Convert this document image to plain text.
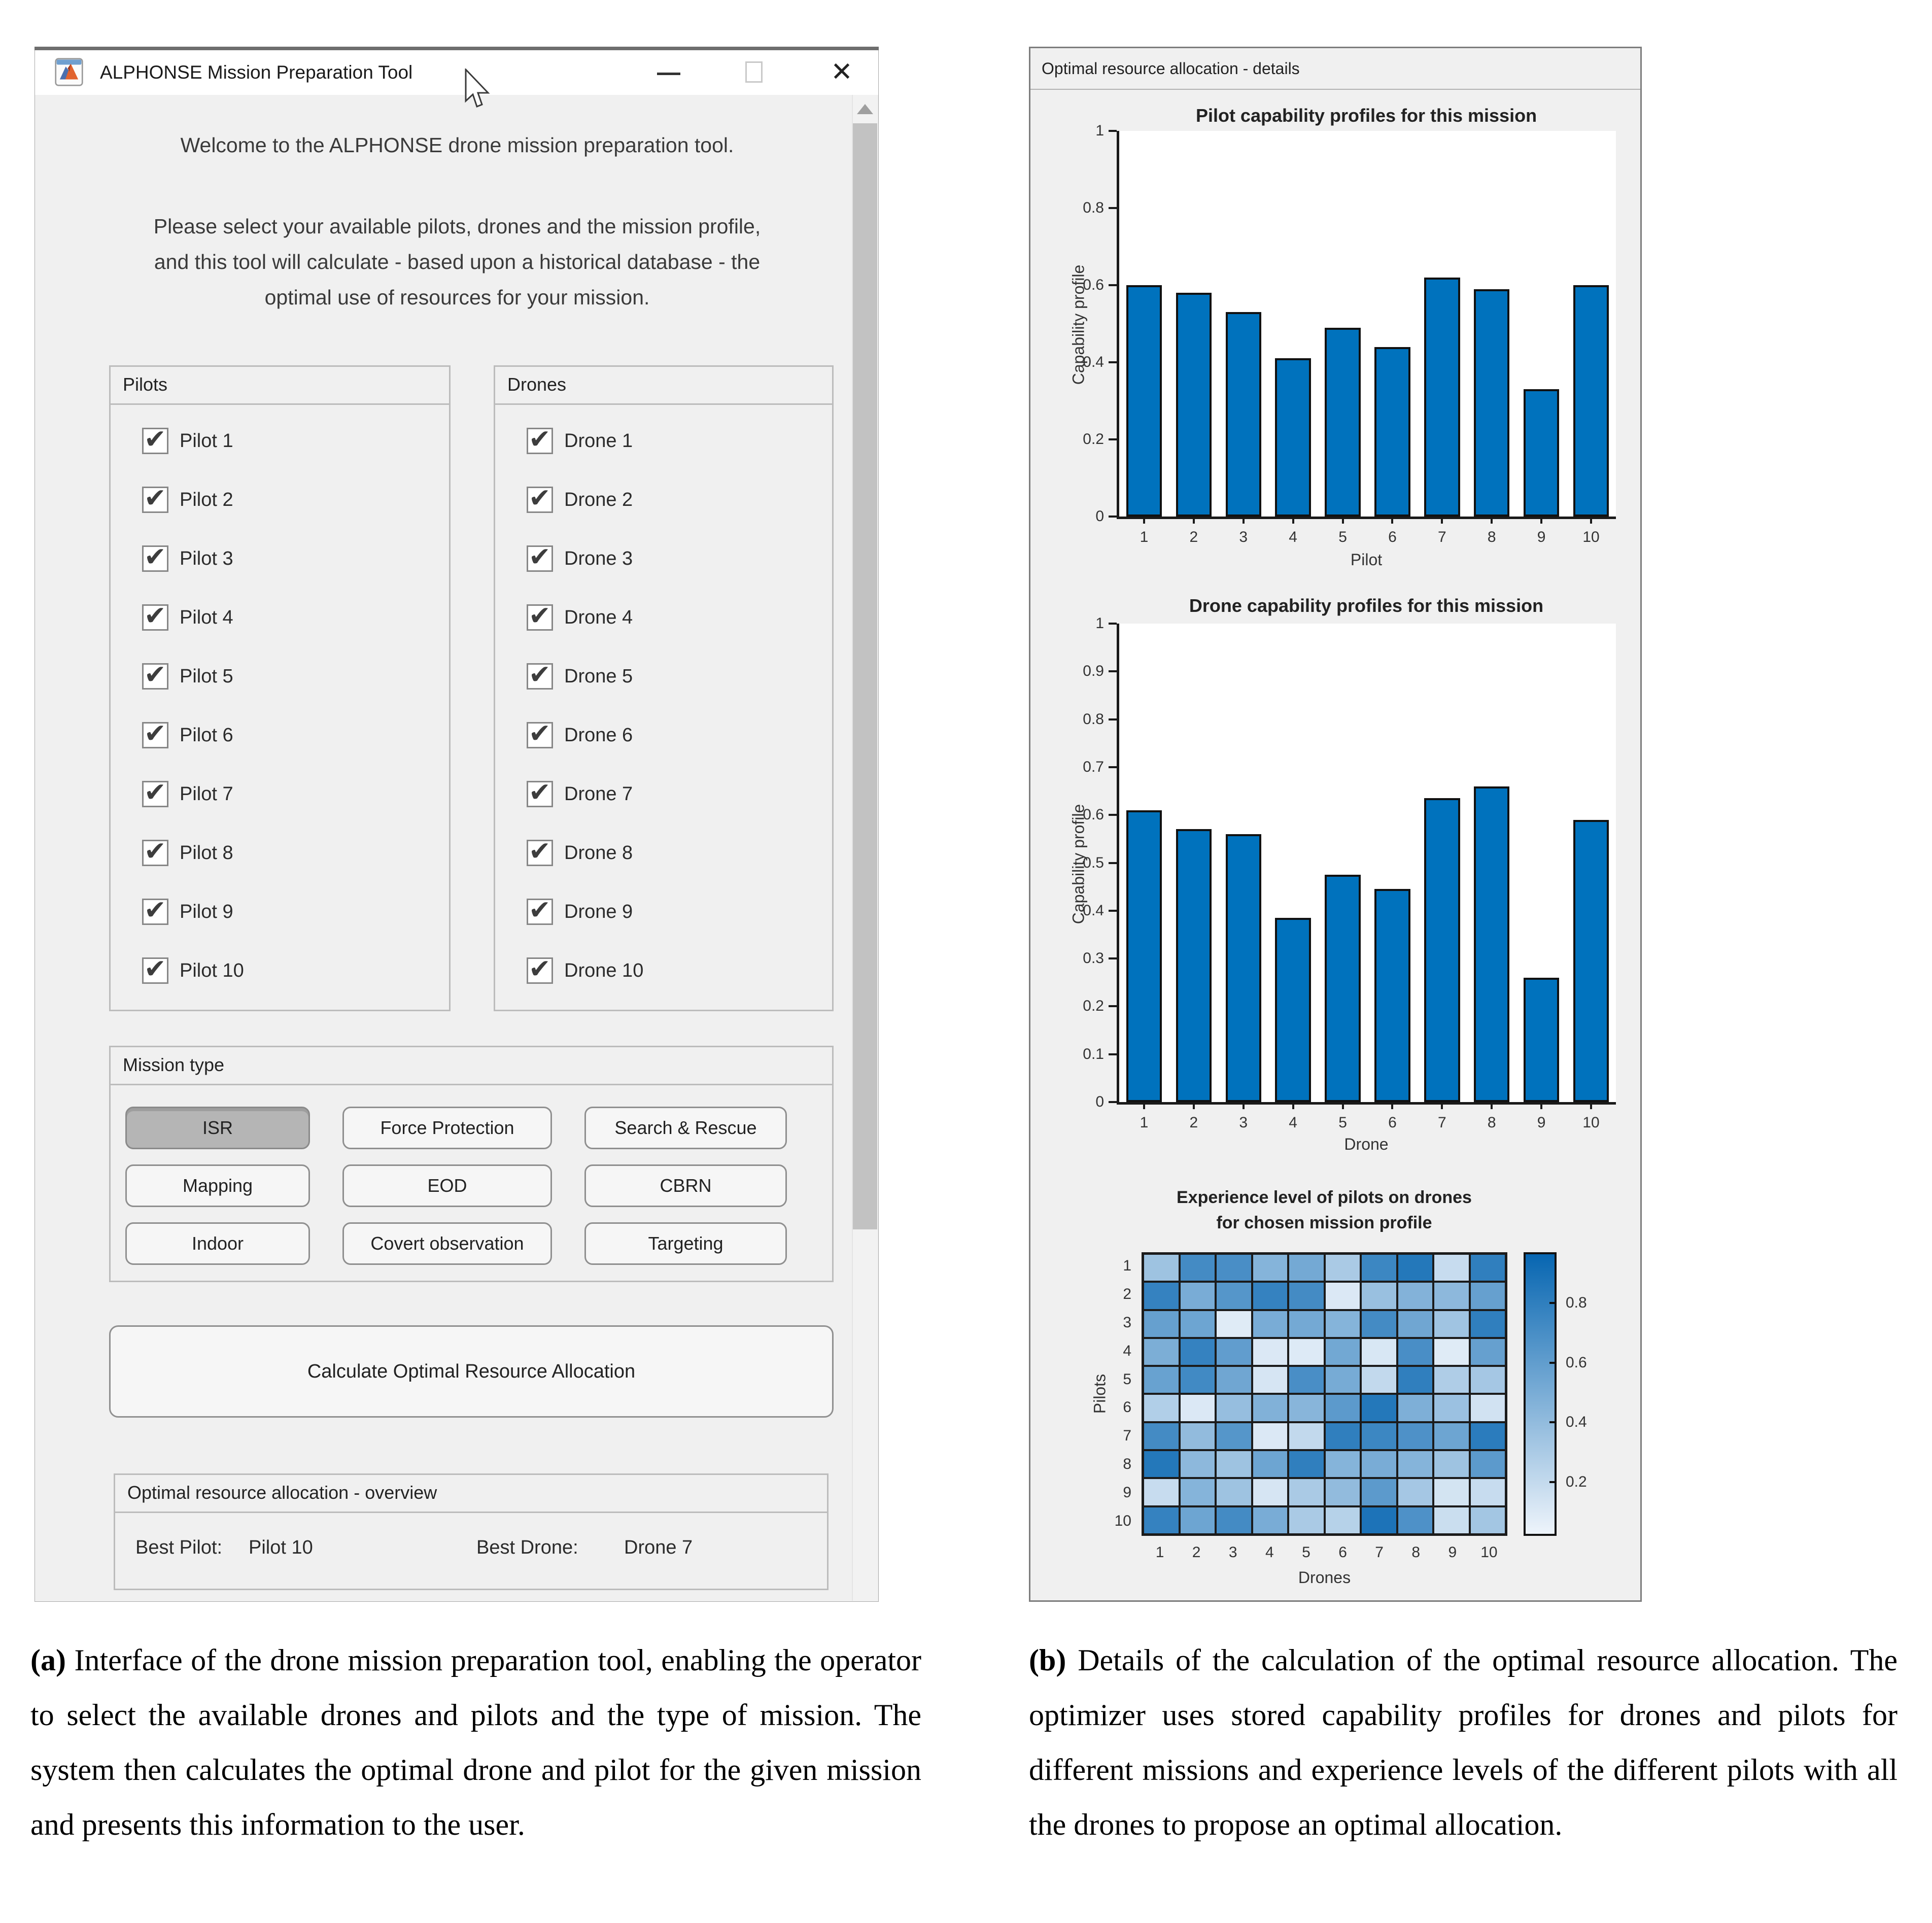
ALPHONSE Mission Preparation Tool	✕
Welcome to the ALPHONSE drone mission preparation tool.
Please select your available pilots, drones and the mission profile, and this tool will calculate - based upon a historical database - the optimal use of resources for your mission.
Pilots
✔ Pilot 1
✔ Pilot 2
✔ Pilot 3
✔ Pilot 4
✔ Pilot 5
✔ Pilot 6
✔ Pilot 7
✔ Pilot 8
✔ Pilot 9
✔ Pilot 10
Drones
✔ Drone 1
✔ Drone 2
✔ Drone 3
✔ Drone 4
✔ Drone 5
✔ Drone 6
✔ Drone 7
✔ Drone 8
✔ Drone 9
✔ Drone 10
Mission type
ISR	Force Protection	Search & Rescue
Mapping	EOD	CBRN
Indoor	Covert observation	Targeting
Calculate Optimal Resource Allocation
Optimal resource allocation - overview
Best Pilot: Pilot 10	Best Drone: Drone 7
Optimal resource allocation - details
Pilot capability profiles for this mission
Capability profile
0
0.2
0.4
0.6
0.8
1
1	2	3	4	5	6	7	8	9 10
Pilot
Drone capability profiles for this mission
Capability profile
0
0.1
0.2
0.3
0.4
0.5
0.6
0.7
0.8
0.9
1
1	2	3	4	5	6	7	8	9 10
Drone
Experience level of pilots on drones
for chosen mission profile
Pilots
Drones
1
2
3
4
5
6
7
8
9
10
1 2 3 4 5 6 7 8 9 10
0.2
0.4
0.6
0.8
(a) Interface of the drone mission preparation tool, enabling the operator to select the available drones and pilots and the type of mission. The system then calculates the optimal drone and pilot for the given mission and presents this information to the user.
(b) Details of the calculation of the optimal resource allocation. The optimizer uses stored capability profiles for drones and pilots for different missions and experience levels of the different pilots with all the drones to propose an optimal allocation.
